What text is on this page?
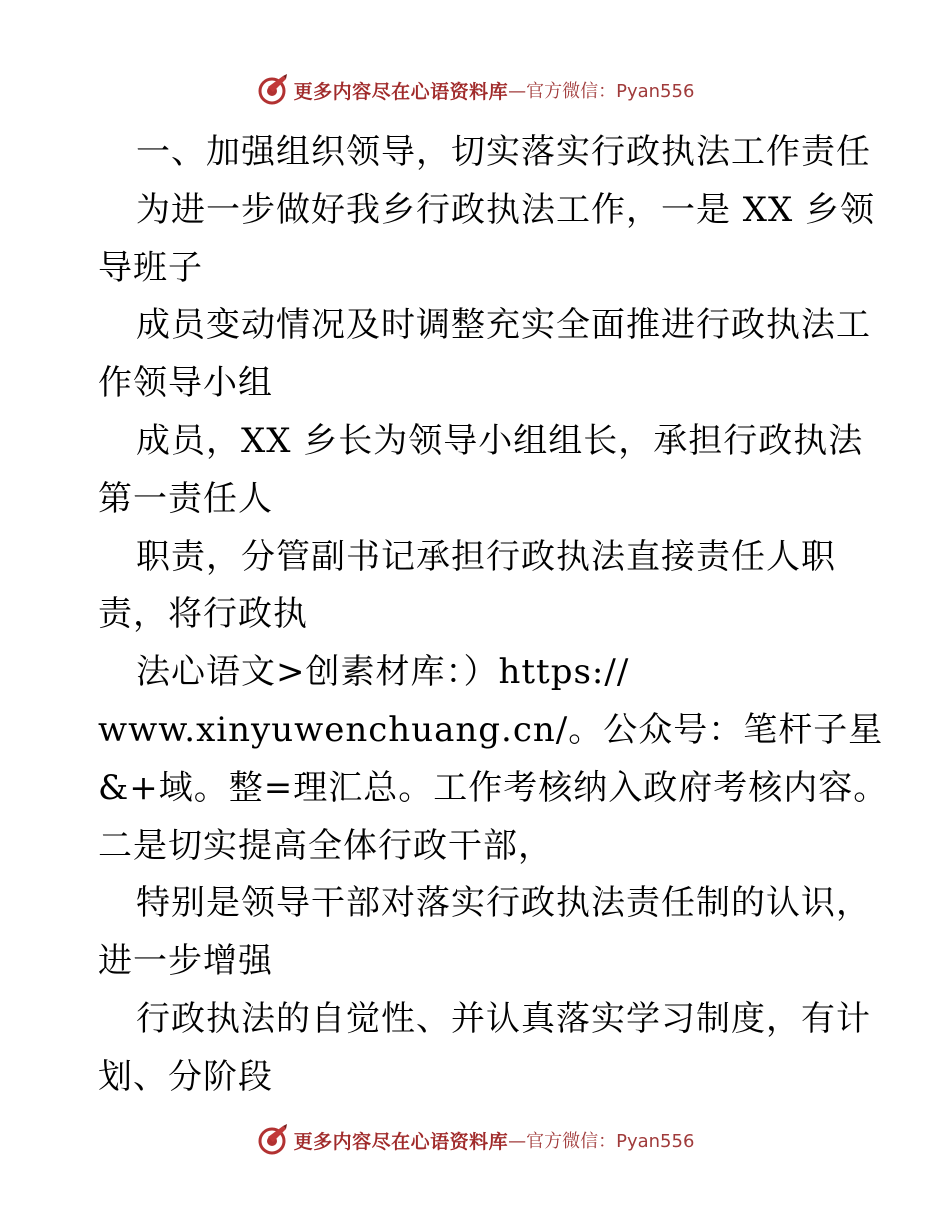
更多内容尽在心语资料库 —官方微信：Pyan556
一、加强组织领导，切实落实行政执法工作责任
为进一步做好我乡行政执法工作，一是 XX 乡领
导班子
成员变动情况及时调整充实全面推进行政执法工
作领导小组
成员，XX 乡长为领导小组组长，承担行政执法
第一责任人
职责，分管副书记承担行政执法直接责任人职
责，将行政执
法心语文>创素材库：）https://
www.xinyuwenchuang.cn/。公众号：笔杆子星
&+域。整=理汇总。工作考核纳入政府考核内容。
二是切实提高全体行政干部，
特别是领导干部对落实行政执法责任制的认识，
进一步增强
行政执法的自觉性、并认真落实学习制度，有计
划、分阶段
更多内容尽在心语资料库 —官方微信：Pyan556
